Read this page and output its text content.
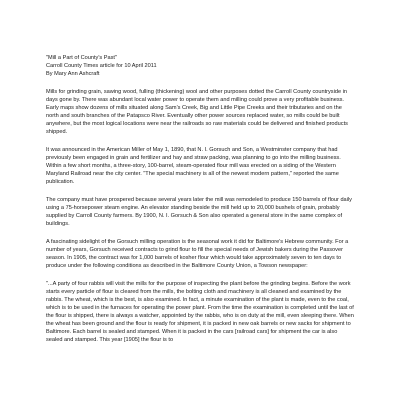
"Mill a Part of County's Past"

Carroll County Times article for 10 April 2011

By Mary Ann Ashcraft

Mills for grinding grain, sawing wood, fulling (thickening) wool and other purposes dotted the Carroll County countryside in days gone by. There was abundant local water power to operate them and milling could prove a very profitable business. Early maps show dozens of mills situated along Sam's Creek, Big and Little Pipe Creeks and their tributaries and on the north and south branches of the Patapsco River. Eventually other power sources replaced water, so mills could be built anywhere, but the most logical locations were near the railroads so raw materials could be delivered and finished products shipped.

It was announced in the American Miller of May 1, 1890, that N. I. Gorsuch and Son, a Westminster company that had previously been engaged in grain and fertilizer and hay and straw packing, was planning to go into the milling business. Within a few short months, a three-story, 100-barrel, steam-operated flour mill was erected on a siding of the Western Maryland Railroad near the city center. "The special machinery is all of the newest modern pattern," reported the same publication.

The company must have prospered because several years later the mill was remodeled to produce 150 barrels of flour daily using a 75-horsepower steam engine. An elevator standing beside the mill held up to 20,000 bushels of grain, probably supplied by Carroll County farmers. By 1900, N. I. Gorsuch & Son also operated a general store in the same complex of buildings.

A fascinating sidelight of the Gorsuch milling operation is the seasonal work it did for Baltimore's Hebrew community. For a number of years, Gorsuch received contracts to grind flour to fill the special needs of Jewish bakers during the Passover season. In 1905, the contract was for 1,000 barrels of kosher flour which would take approximately seven to ten days to produce under the following conditions as described in the Baltimore County Union, a Towson newspaper:

"...A party of four rabbis will visit the mills for the purpose of inspecting the plant before the grinding begins. Before the work starts every particle of flour is cleared from the mills, the bolting cloth and machinery is all cleaned and examined by the rabbis. The wheat, which is the best, is also examined. In fact, a minute examination of the plant is made, even to the coal, which is to be used in the furnaces for operating the power plant. From the time the examination is completed until the last of the flour is shipped, there is always a watcher, appointed by the rabbis, who is on duty at the mill, even sleeping there. When the wheat has been ground and the flour is ready for shipment, it is packed in new oak barrels or new sacks for shipment to Baltimore. Each barrel is sealed and stamped. When it is packed in the cars [railroad cars] for shipment the car is also sealed and stamped. This year [1905] the flour is to
